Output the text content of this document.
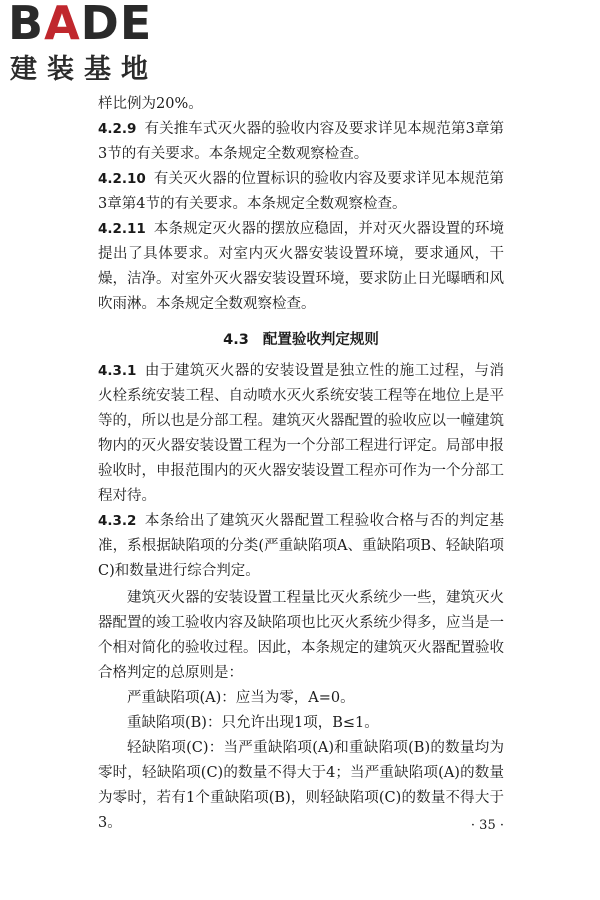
BADE
建装基地

样比例为20%。

4.2.9 有关推车式灭火器的验收内容及要求详见本规范第3章第3节的有关要求。本条规定全数观察检查。

4.2.10 有关灭火器的位置标识的验收内容及要求详见本规范第3章第4节的有关要求。本条规定全数观察检查。

4.2.11 本条规定灭火器的摆放应稳固，并对灭火器设置的环境提出了具体要求。对室内灭火器安装设置环境，要求通风，干燥，洁净。对室外灭火器安装设置环境，要求防止日光曝晒和风吹雨淋。本条规定全数观察检查。

4.3 配置验收判定规则

4.3.1 由于建筑灭火器的安装设置是独立性的施工过程，与消火栓系统安装工程、自动喷水灭火系统安装工程等在地位上是平等的，所以也是分部工程。建筑灭火器配置的验收应以一幢建筑物内的灭火器安装设置工程为一个分部工程进行评定。局部申报验收时，申报范围内的灭火器安装设置工程亦可作为一个分部工程对待。

4.3.2 本条给出了建筑灭火器配置工程验收合格与否的判定基准，系根据缺陷项的分类(严重缺陷项A、重缺陷项B、轻缺陷项C)和数量进行综合判定。

建筑灭火器的安装设置工程量比灭火系统少一些，建筑灭火器配置的竣工验收内容及缺陷项也比灭火系统少得多，应当是一个相对简化的验收过程。因此，本条规定的建筑灭火器配置验收合格判定的总原则是：

严重缺陷项(A)：应当为零，A=0。

重缺陷项(B)：只允许出现1项，B≤1。

轻缺陷项(C)：当严重缺陷项(A)和重缺陷项(B)的数量均为零时，轻缺陷项(C)的数量不得大于4；当严重缺陷项(A)的数量为零时，若有1个重缺陷项(B)，则轻缺陷项(C)的数量不得大于3。	· 35 ·
